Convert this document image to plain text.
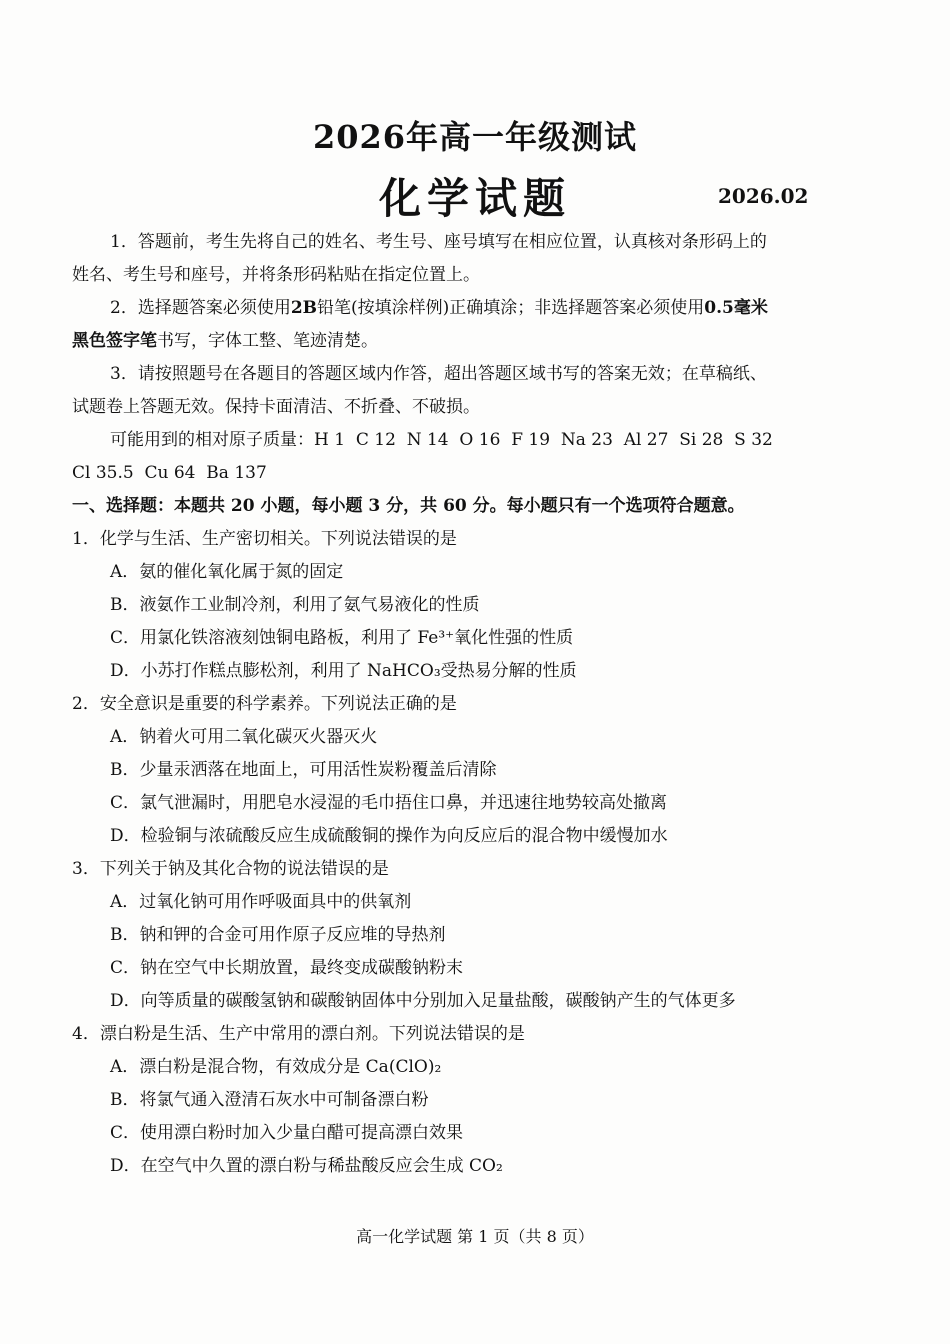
2026年高一年级测试
化学试题	2026.02
1．答题前，考生先将自己的姓名、考生号、座号填写在相应位置，认真核对条形码上的
姓名、考生号和座号，并将条形码粘贴在指定位置上。
2．选择题答案必须使用2B铅笔(按填涂样例)正确填涂；非选择题答案必须使用0.5毫米
黑色签字笔书写，字体工整、笔迹清楚。
3．请按照题号在各题目的答题区域内作答，超出答题区域书写的答案无效；在草稿纸、
试题卷上答题无效。保持卡面清洁、不折叠、不破损。
可能用到的相对原子质量：H 1  C 12  N 14  O 16  F 19  Na 23  Al 27  Si 28  S 32
Cl 35.5  Cu 64  Ba 137
一、选择题：本题共 20 小题，每小题 3 分，共 60 分。每小题只有一个选项符合题意。
1．化学与生活、生产密切相关。下列说法错误的是
A．氨的催化氧化属于氮的固定
B．液氨作工业制冷剂，利用了氨气易液化的性质
C．用氯化铁溶液刻蚀铜电路板，利用了 Fe³⁺氧化性强的性质
D．小苏打作糕点膨松剂，利用了 NaHCO₃受热易分解的性质
2．安全意识是重要的科学素养。下列说法正确的是
A．钠着火可用二氧化碳灭火器灭火
B．少量汞洒落在地面上，可用活性炭粉覆盖后清除
C．氯气泄漏时，用肥皂水浸湿的毛巾捂住口鼻，并迅速往地势较高处撤离
D．检验铜与浓硫酸反应生成硫酸铜的操作为向反应后的混合物中缓慢加水
3．下列关于钠及其化合物的说法错误的是
A．过氧化钠可用作呼吸面具中的供氧剂
B．钠和钾的合金可用作原子反应堆的导热剂
C．钠在空气中长期放置，最终变成碳酸钠粉末
D．向等质量的碳酸氢钠和碳酸钠固体中分别加入足量盐酸，碳酸钠产生的气体更多
4．漂白粉是生活、生产中常用的漂白剂。下列说法错误的是
A．漂白粉是混合物，有效成分是 Ca(ClO)₂
B．将氯气通入澄清石灰水中可制备漂白粉
C．使用漂白粉时加入少量白醋可提高漂白效果
D．在空气中久置的漂白粉与稀盐酸反应会生成 CO₂
高一化学试题 第 1 页（共 8 页）
